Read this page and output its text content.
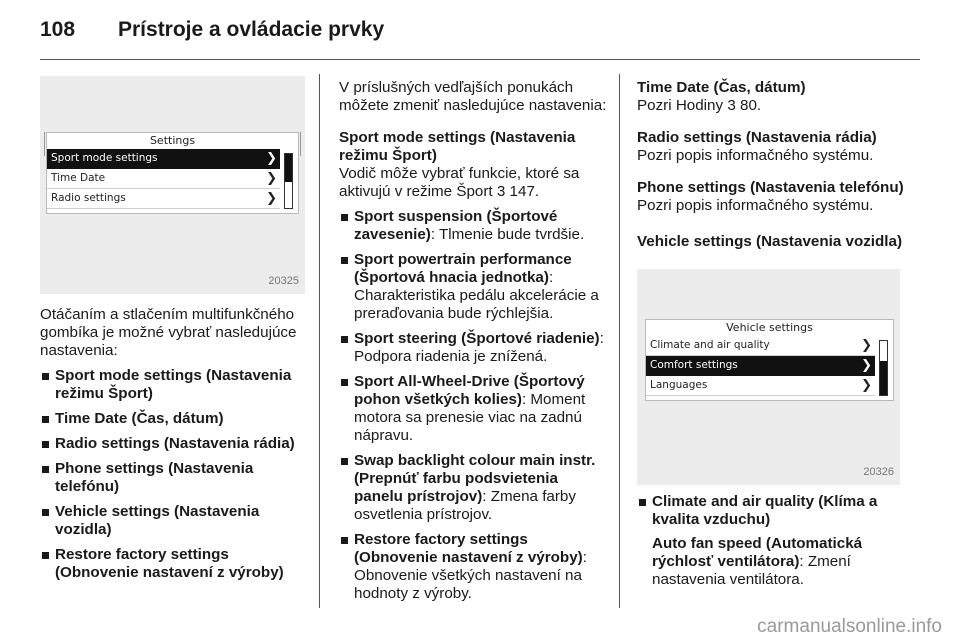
108	Prístroje a ovládacie prvky
Settings
Sport mode settings	❯
Time Date	❯
Radio settings	❯
20325

Otáčaním a stlačením multifunkčného gombíka je možné vybrať nasledujúce nastavenia:

Sport mode settings (Nastavenia režimu Šport)
Time Date (Čas, dátum)
Radio settings (Nastavenia rádia)
Phone settings (Nastavenia telefónu)
Vehicle settings (Nastavenia vozidla)
Restore factory settings (Obnovenie nastavení z výroby)

V príslušných vedľajších ponukách môžete zmeniť nasledujúce nastavenia:

Sport mode settings (Nastavenia režimu Šport)

Vodič môže vybrať funkcie, ktoré sa aktivujú v režime Šport 3 147.

Sport suspension (Športové zavesenie): Tlmenie bude tvrdšie.
Sport powertrain performance (Športová hnacia jednotka): Charakteristika pedálu akcelerácie a preraďovania bude rýchlejšia.
Sport steering (Športové riadenie): Podpora riadenia je znížená.
Sport All-Wheel-Drive (Športový pohon všetkých kolies): Moment motora sa prenesie viac na zadnú nápravu.
Swap backlight colour main instr. (Prepnúť farbu podsvietenia panelu prístrojov): Zmena farby osvetlenia prístrojov.
Restore factory settings (Obnovenie nastavení z výroby): Obnovenie všetkých nastavení na hodnoty z výroby.

Time Date (Čas, dátum)

Pozri Hodiny 3 80.

Radio settings (Nastavenia rádia)

Pozri popis informačného systému.

Phone settings (Nastavenia telefónu)

Pozri popis informačného systému.

Vehicle settings (Nastavenia vozidla)

Vehicle settings
Climate and air quality	❯
Comfort settings	❯
Languages	❯
20326
Climate and air quality (Klíma a kvalita vzduchu)

Auto fan speed (Automatická rýchlosť ventilátora): Zmení nastavenia ventilátora.

carmanualsonline.info
